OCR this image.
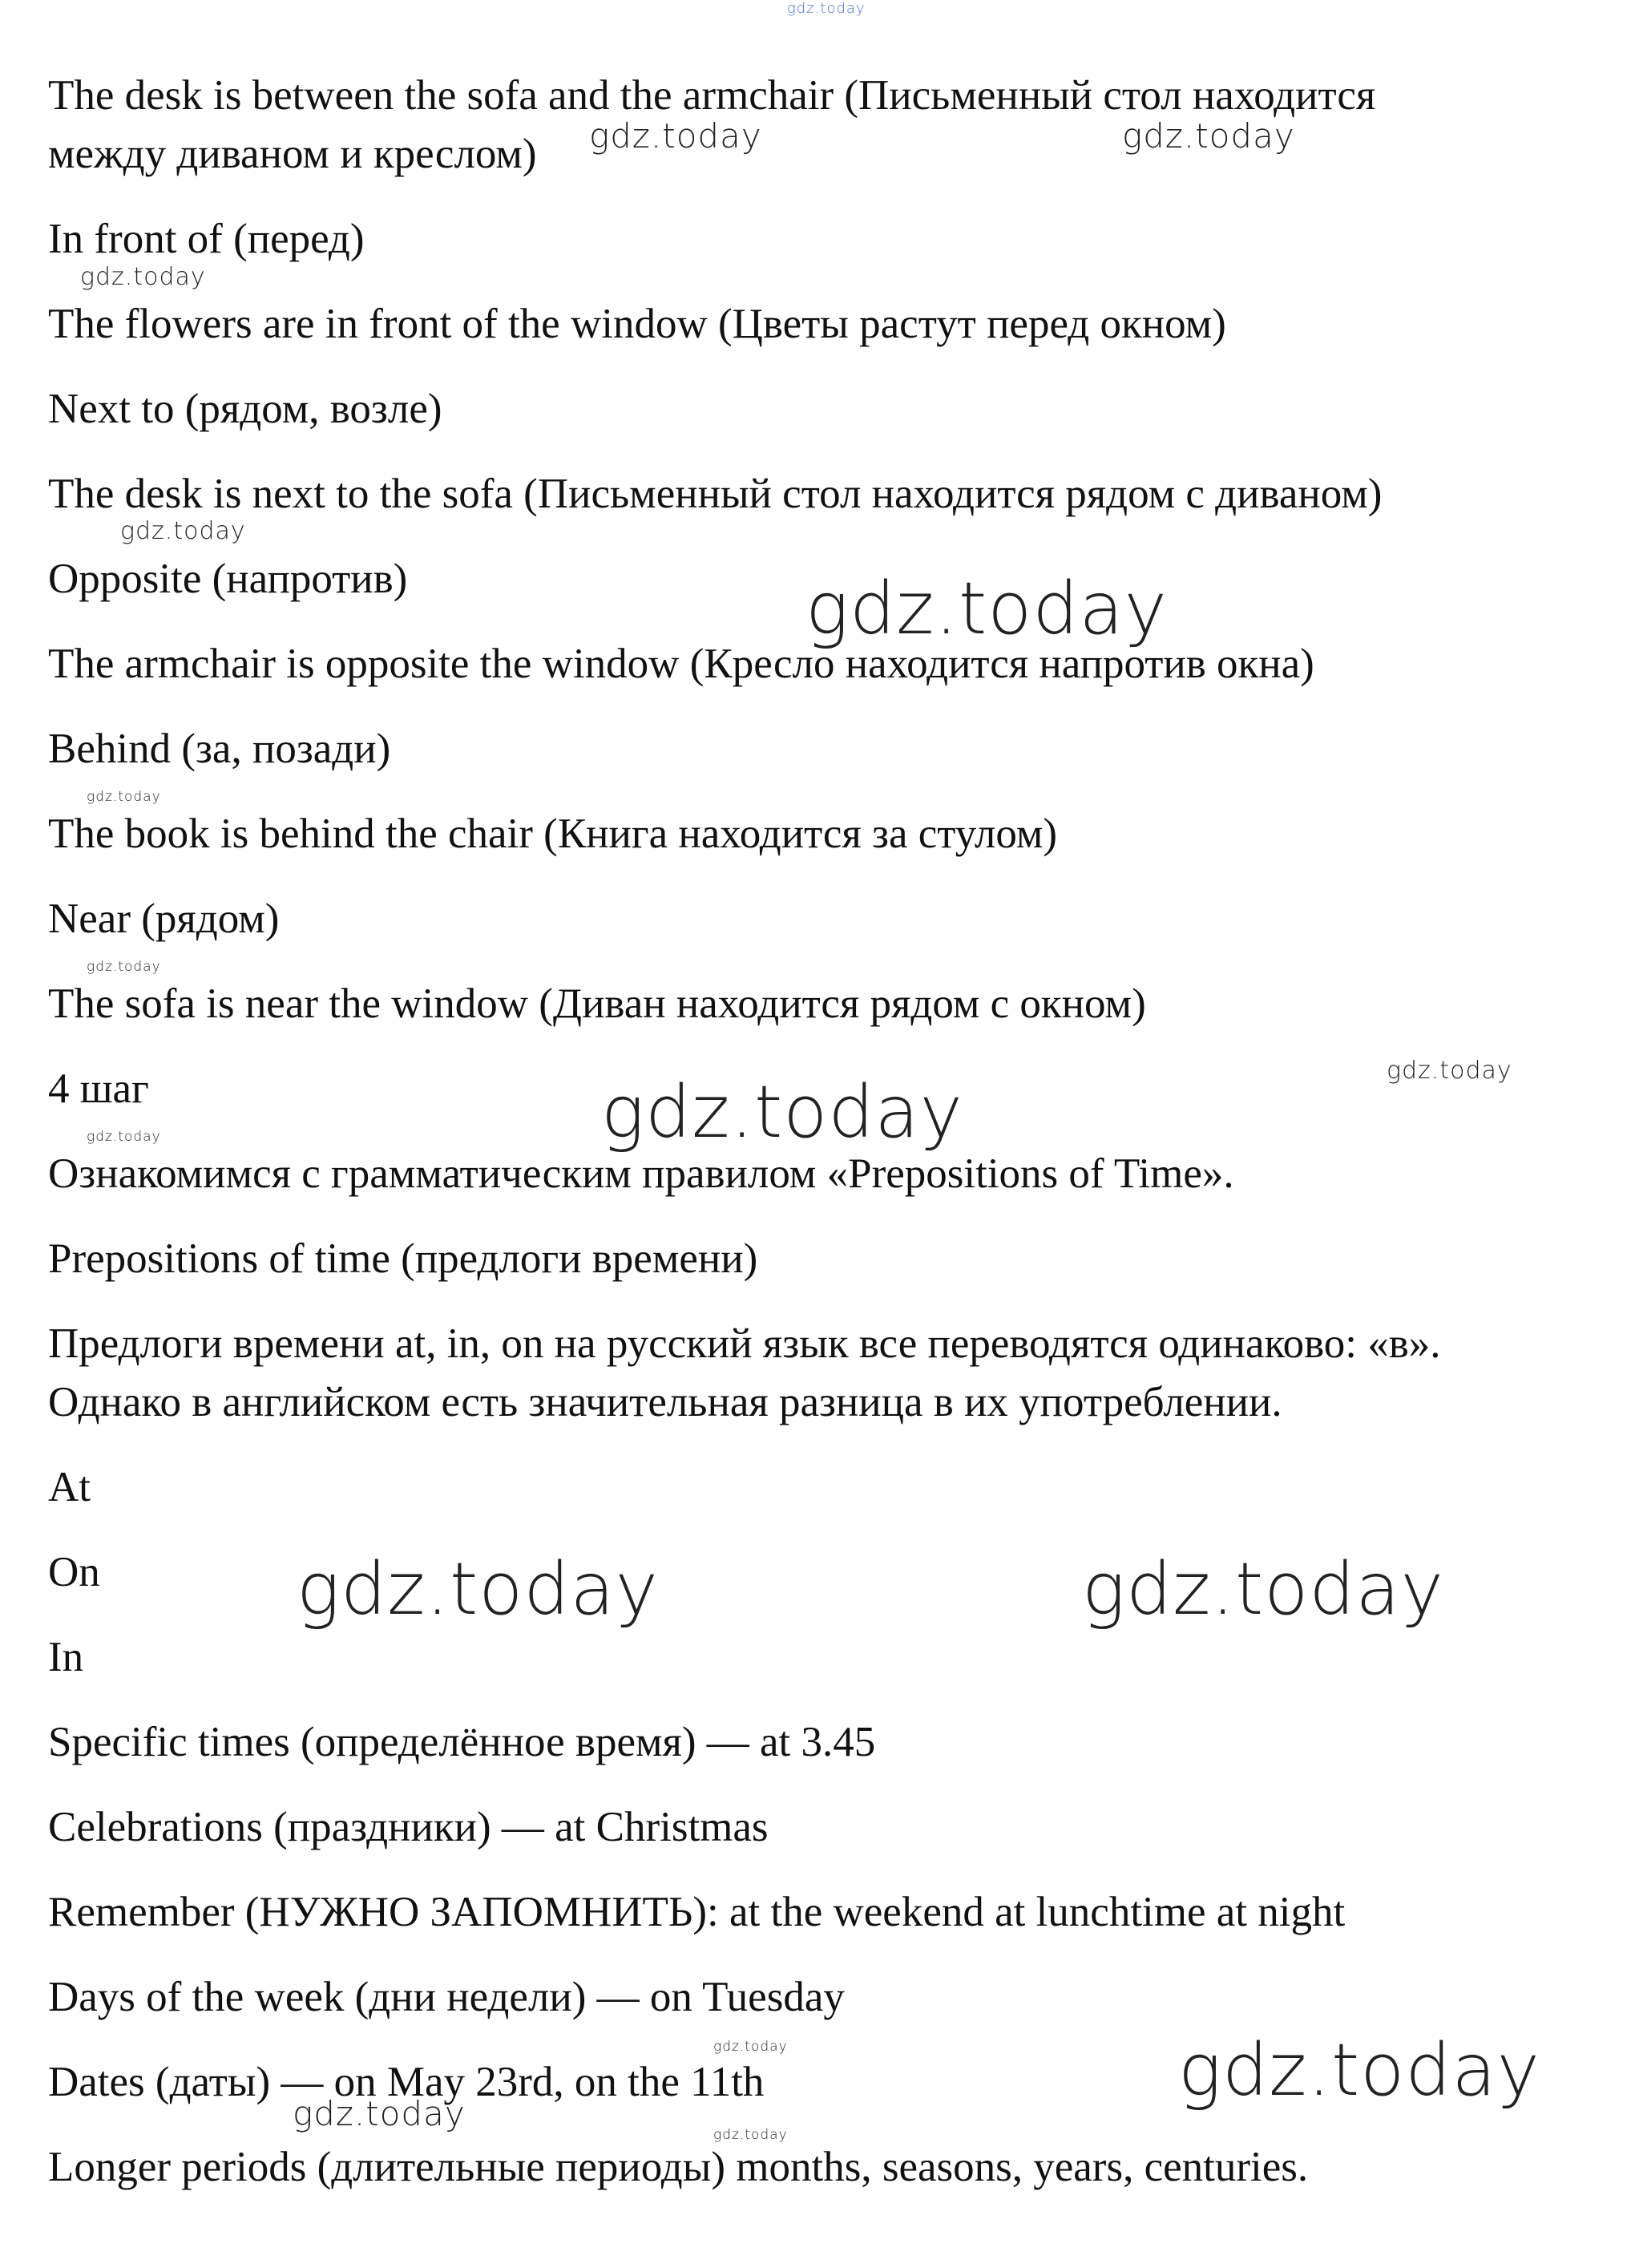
The desk is between the sofa and the armchair (Письменный стол находится

между диваном и креслом)

In front of (перед)

The flowers are in front of the window (Цветы растут перед окном)

Next to (рядом, возле)

The desk is next to the sofa (Письменный стол находится рядом с диваном)

Opposite (напротив)

The armchair is opposite the window (Кресло находится напротив окна)

Behind (за, позади)

The book is behind the chair (Книга находится за стулом)

Near (рядом)

The sofa is near the window (Диван находится рядом с окном)

4 шаг

Ознакомимся с грамматическим правилом «Prepositions of Time».

Prepositions of time (предлоги времени)

Предлоги времени at, in, on на русский язык все переводятся одинаково: «в».

Однако в английском есть значительная разница в их употреблении.

At

On

In

Specific times (определённое время) — at 3.45

Celebrations (праздники) — at Christmas

Remember (НУЖНО ЗАПОМНИТЬ): at the weekend at lunchtime at night

Days of the week (дни недели) — on Tuesday

Dates (даты) — on May 23rd, on the 11th

Longer periods (длительные периоды) months, seasons, years, centuries.

gdz.today
gdz.today	gdz.today
gdz.today
gdz.today
gdz.today
gdz.today
gdz.today
gdz.today	gdz.today
gdz.today
gdz.today	gdz.today
gdz.today	gdz.today
gdz.today
gdz.today
